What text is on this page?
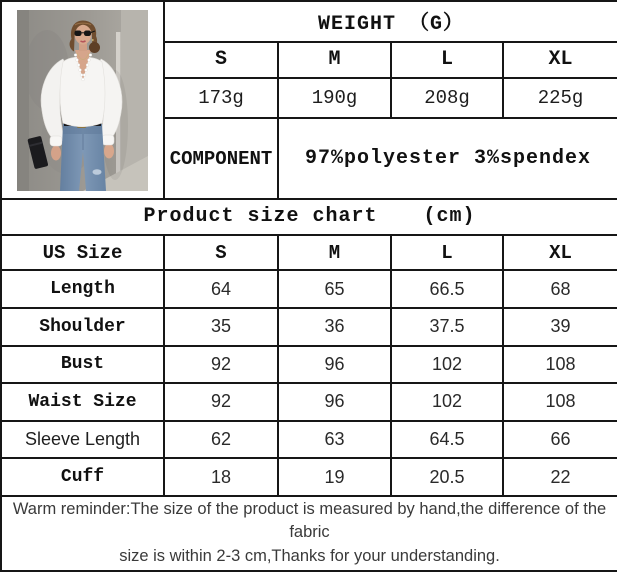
	WEIGHT （G）			
	S	M	L	XL
	173g	190g	208g	225g
	COMPONENT	97%polyester 3%spendex		

Product size chart (cm)				

US Size	S	M	L	XL
Length	64	65	66.5	68
Shoulder	35	36	37.5	39
Bust	92	96	102	108
Waist Size	92	96	102	108
Sleeve Length	62	63	64.5	66
Cuff	18	19	20.5	22

Warm reminder:The size of the product is measured by hand,the difference of the fabric
size is within 2-3 cm,Thanks for your understanding.				
